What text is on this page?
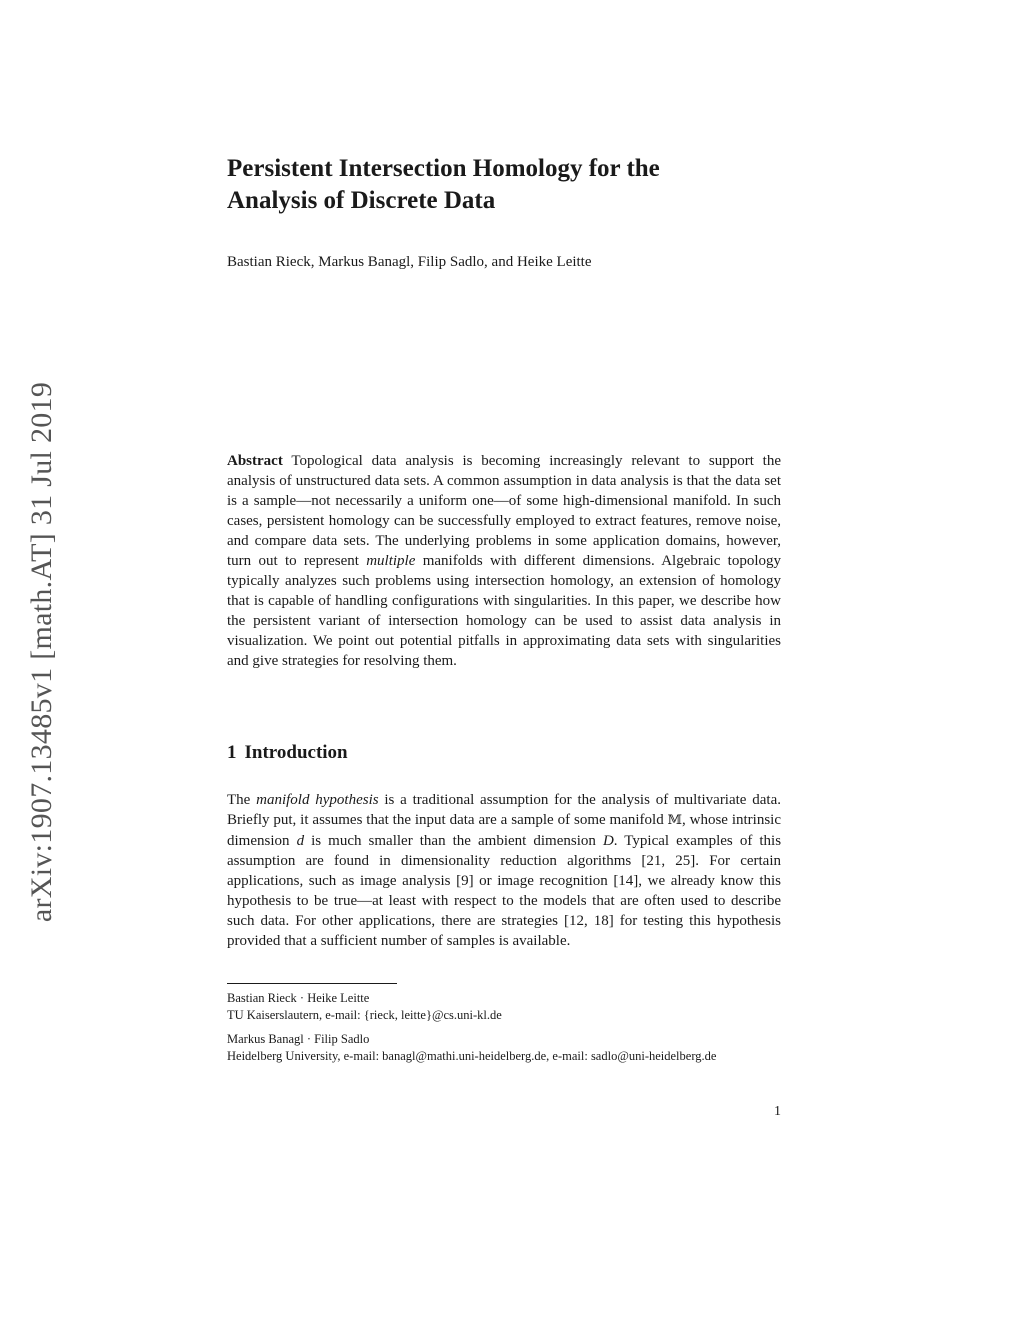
arXiv:1907.13485v1 [math.AT] 31 Jul 2019
Persistent Intersection Homology for the
Analysis of Discrete Data
Bastian Rieck, Markus Banagl, Filip Sadlo, and Heike Leitte

Abstract Topological data analysis is becoming increasingly relevant to support the analysis of unstructured data sets. A common assumption in data analysis is that the data set is a sample—not necessarily a uniform one—of some high-dimensional manifold. In such cases, persistent homology can be successfully employed to extract features, remove noise, and compare data sets. The underlying problems in some application domains, however, turn out to represent multiple manifolds with different dimensions. Algebraic topology typically analyzes such problems using intersection homology, an extension of homology that is capable of handling configurations with singularities. In this paper, we describe how the persistent variant of intersection homology can be used to assist data analysis in visualization. We point out potential pitfalls in approximating data sets with singularities and give strategies for resolving them.

1 Introduction

The manifold hypothesis is a traditional assumption for the analysis of multivariate data. Briefly put, it assumes that the input data are a sample of some manifold 𝕄, whose intrinsic dimension d is much smaller than the ambient dimension D. Typical examples of this assumption are found in dimensionality reduction algorithms [21, 25]. For certain applications, such as image analysis [9] or image recognition [14], we already know this hypothesis to be true—at least with respect to the models that are often used to describe such data. For other applications, there are strategies [12, 18] for testing this hypothesis provided that a sufficient number of samples is available.

Bastian Rieck · Heike Leitte
TU Kaiserslautern, e-mail: {rieck, leitte}@cs.uni-kl.de
Markus Banagl · Filip Sadlo
Heidelberg University, e-mail: banagl@mathi.uni-heidelberg.de, e-mail: sadlo@uni-heidelberg.de
1
